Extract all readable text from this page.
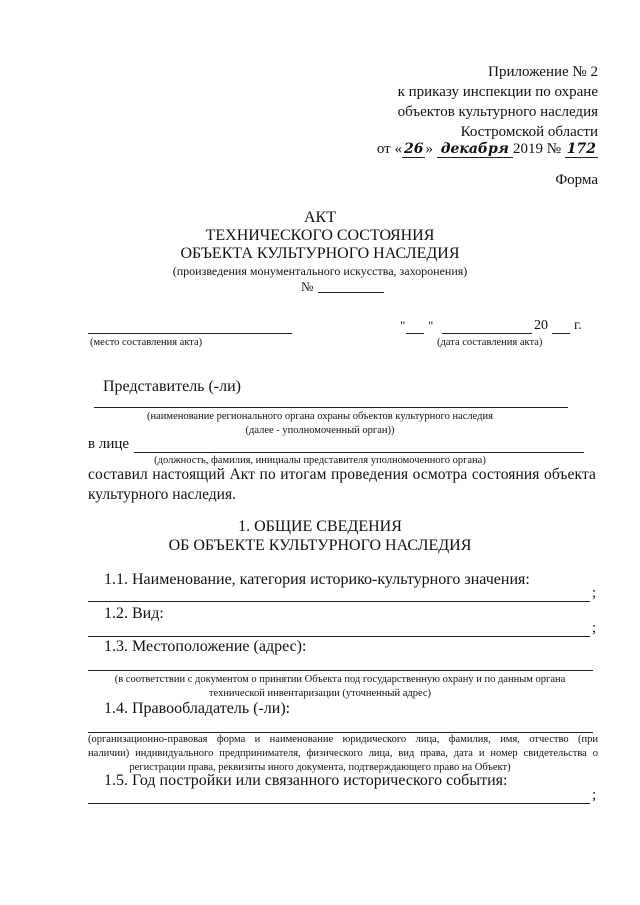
Приложение № 2
к приказу инспекции по охране
объектов культурного наследия
Костромской области
от « 26 » декабря 2019 № 172
Форма
АКТ
ТЕХНИЧЕСКОГО СОСТОЯНИЯ
ОБЪЕКТА КУЛЬТУРНОГО НАСЛЕДИЯ
(произведения монументального искусства, захоронения)
№
(место составления акта)
" "	20 г.
(дата составления акта)
Представитель (-ли)
(наименование регионального органа охраны объектов культурного наследия
(далее - уполномоченный орган))
в лице
(должность, фамилия, инициалы представителя уполномоченного органа)
составил настоящий Акт по итогам проведения осмотра состояния объекта
культурного наследия.
1. ОБЩИЕ СВЕДЕНИЯ
ОБ ОБЪЕКТЕ КУЛЬТУРНОГО НАСЛЕДИЯ
1.1. Наименование, категория историко-культурного значения:
;
1.2. Вид:
;
1.3. Местоположение (адрес):
(в соответствии с документом о принятии Объекта под государственную охрану и по данным органа
технической инвентаризации (уточненный адрес)
1.4. Правообладатель (-ли):
(организационно-правовая форма и наименование юридического лица, фамилия, имя, отчество (при
наличии) индивидуального предпринимателя, физического лица, вид права, дата и номер свидетельства о
регистрации права, реквизиты иного документа, подтверждающего право на Объект)
1.5. Год постройки или связанного исторического события:
;
